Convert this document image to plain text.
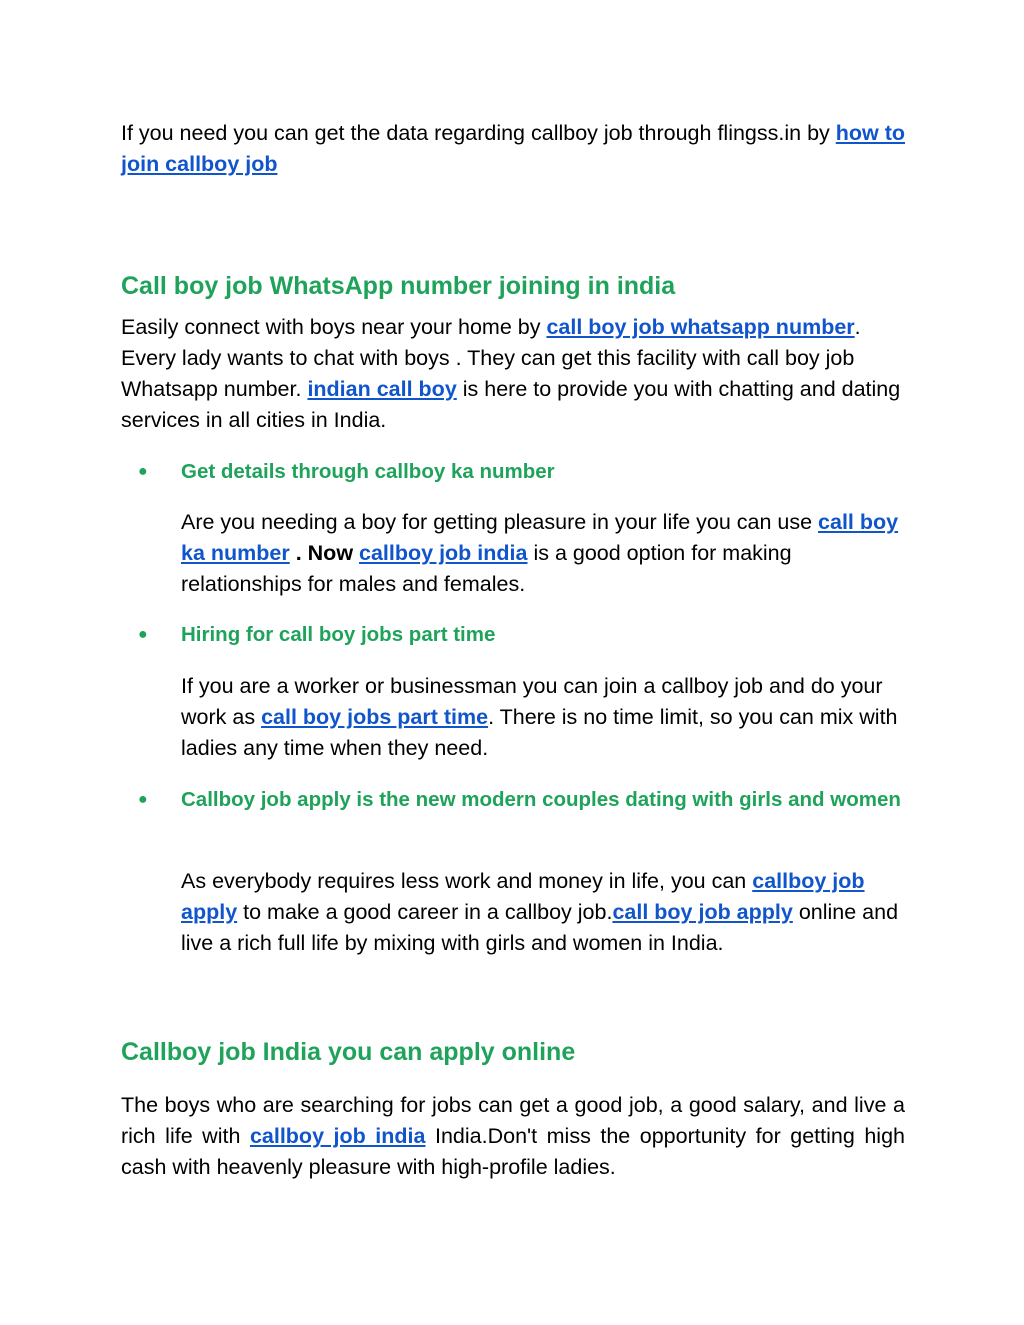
If you need you can get the data regarding callboy job through flingss.in by how to join callboy job

Call boy job WhatsApp number joining in india

Easily connect with boys near your home by call boy job whatsapp number. Every lady wants to chat with boys . They can get this facility with call boy job Whatsapp number. indian call boy is here to provide you with chatting and dating services in all cities in India.

● Get details through callboy ka number

Are you needing a boy for getting pleasure in your life you can use call boy ka number . Now callboy job india is a good option for making relationships for males and females.

● Hiring for call boy jobs part time

If you are a worker or businessman you can join a callboy job and do your work as call boy jobs part time. There is no time limit, so you can mix with ladies any time when they need.

● Callboy job apply is the new modern couples dating with girls and women

As everybody requires less work and money in life, you can callboy job apply to make a good career in a callboy job.call boy job apply online and live a rich full life by mixing with girls and women in India.

Callboy job India you can apply online

The boys who are searching for jobs can get a good job, a good salary, and live a rich life with callboy job india India.Don't miss the opportunity for getting high cash with heavenly pleasure with high-profile ladies.
